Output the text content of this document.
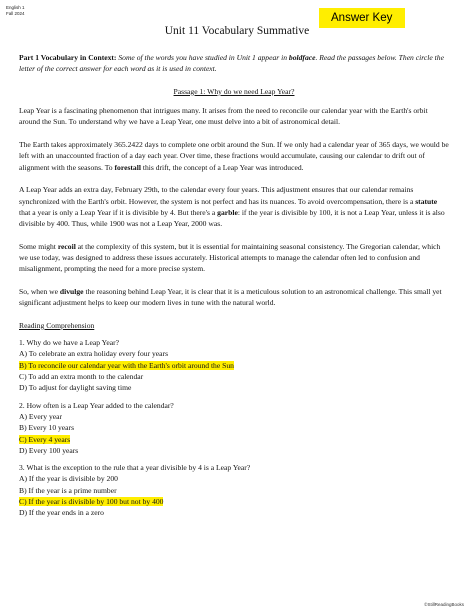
English 1
Fall 2024	Answer Key
Unit 11 Vocabulary Summative

Part 1 Vocabulary in Context: Some of the words you have studied in Unit 1 appear in boldface. Read the passages below. Then circle the letter of the correct answer for each word as it is used in context.

Passage 1: Why do we need Leap Year?

Leap Year is a fascinating phenomenon that intrigues many. It arises from the need to reconcile our calendar year with the Earth's orbit around the Sun. To understand why we have a Leap Year, one must delve into a bit of astronomical detail.

The Earth takes approximately 365.2422 days to complete one orbit around the Sun. If we only had a calendar year of 365 days, we would be left with an unaccounted fraction of a day each year. Over time, these fractions would accumulate, causing our calendar to drift out of alignment with the seasons. To forestall this drift, the concept of a Leap Year was introduced.

A Leap Year adds an extra day, February 29th, to the calendar every four years. This adjustment ensures that our calendar remains synchronized with the Earth's orbit. However, the system is not perfect and has its nuances. To avoid overcompensation, there is a statute that a year is only a Leap Year if it is divisible by 4. But there's a garble: if the year is divisible by 100, it is not a Leap Year, unless it is also divisible by 400. Thus, while 1900 was not a Leap Year, 2000 was.

Some might recoil at the complexity of this system, but it is essential for maintaining seasonal consistency. The Gregorian calendar, which we use today, was designed to address these issues accurately. Historical attempts to manage the calendar often led to confusion and misalignment, prompting the need for a more precise system.

So, when we divulge the reasoning behind Leap Year, it is clear that it is a meticulous solution to an astronomical challenge. This small yet significant adjustment helps to keep our modern lives in tune with the natural world.

Reading Comprehension

1. Why do we have a Leap Year?
A) To celebrate an extra holiday every four years
B) To reconcile our calendar year with the Earth's orbit around the Sun
C) To add an extra month to the calendar
D) To adjust for daylight saving time
2. How often is a Leap Year added to the calendar?
A) Every year
B) Every 10 years
C) Every 4 years
D) Every 100 years
3. What is the exception to the rule that a year divisible by 4 is a Leap Year?
A) If the year is divisible by 200
B) If the year is a prime number
C) If the year is divisible by 100 but not by 400
D) If the year ends in a zero
©StillReadingBooks
